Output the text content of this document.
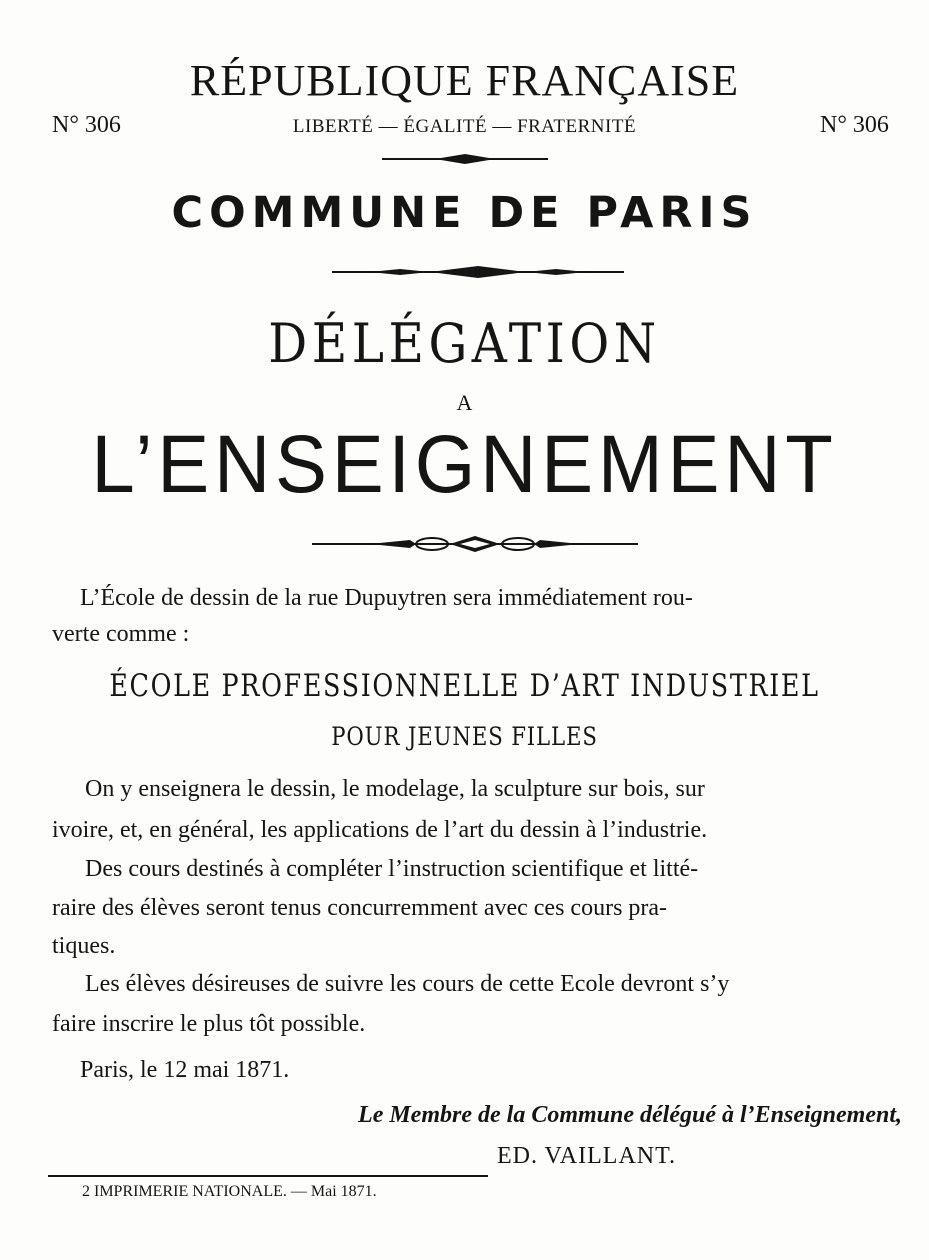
N° 306	N° 306
RÉPUBLIQUE FRANÇAISE
LIBERTÉ — ÉGALITÉ — FRATERNITÉ
COMMUNE DE PARIS
DÉLÉGATION
A
L’ENSEIGNEMENT
L’École de dessin de la rue Dupuytren sera immédiatement rou-
verte comme :
ÉCOLE PROFESSIONNELLE D’ART INDUSTRIEL
POUR JEUNES FILLES
On y enseignera le dessin, le modelage, la sculpture sur bois, sur
ivoire, et, en général, les applications de l’art du dessin à l’industrie.
Des cours destinés à compléter l’instruction scientifique et litté-
raire des élèves seront tenus concurremment avec ces cours pra-
tiques.
Les élèves désireuses de suivre les cours de cette Ecole devront s’y
faire inscrire le plus tôt possible.
Paris, le 12 mai 1871.
Le Membre de la Commune délégué à l’Enseignement,
ED. VAILLANT.
2 IMPRIMERIE NATIONALE. — Mai 1871.
